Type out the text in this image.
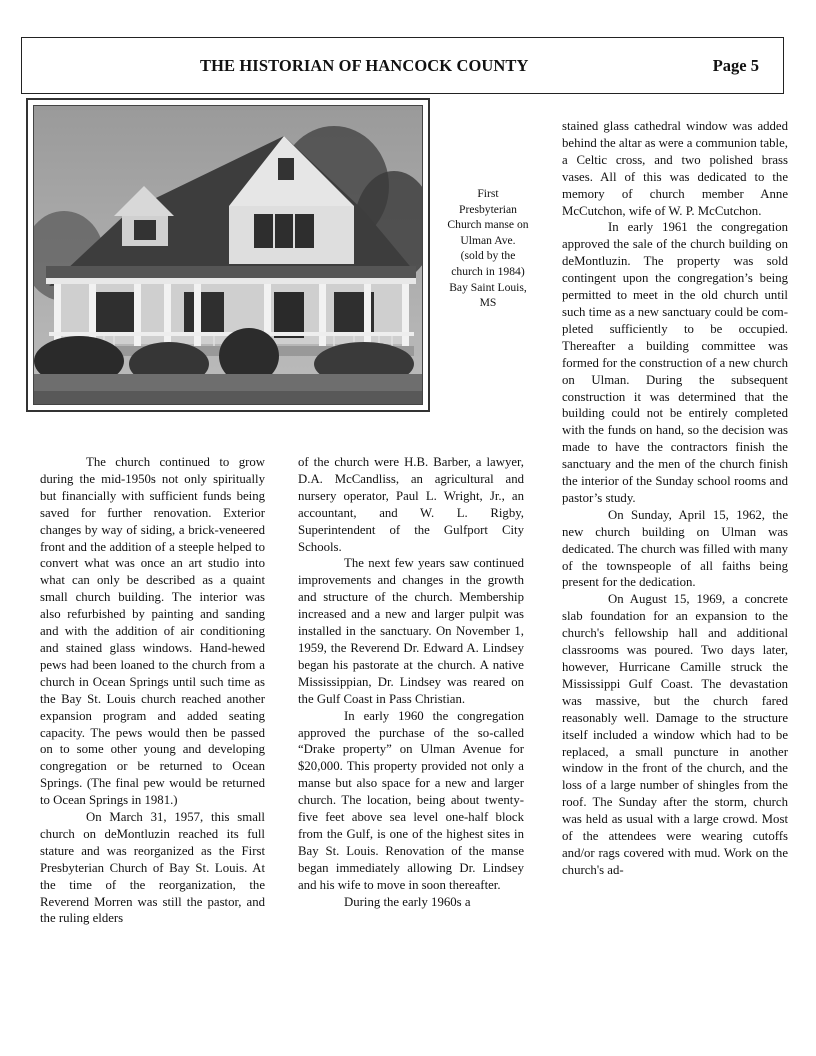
THE HISTORIAN OF HANCOCK COUNTY	Page 5
First
Presbyterian
Church manse on
Ulman Ave.
(sold by the
church in 1984)
Bay Saint Louis,
MS

The church continued to grow during the mid-1950s not only spiritually but financially with sufficient funds being saved for further renovation. Exterior changes by way of siding, a brick-veneered front and the addition of a steeple helped to convert what was once an art studio into what can only be described as a quaint small church building. The interior was also refurbished by painting and sanding and with the addition of air conditioning and stained glass windows. Hand-hewed pews had been loaned to the church from a church in Ocean Springs until such time as the Bay St. Louis church reached another expansion program and added seating capacity. The pews would then be passed on to some other young and developing congregation or be returned to Ocean Springs. (The final pew would be returned to Ocean Springs in 1981.)

On March 31, 1957, this small church on deMontluzin reached its full stature and was reorganized as the First Presbyterian Church of Bay St. Louis. At the time of the reorganization, the Reverend Morren was still the pastor, and the ruling elders

of the church were H.B. Barber, a lawyer, D.A. McCandliss, an agricultural and nursery operator, Paul L. Wright, Jr., an accountant, and W. L. Rigby, Superintendent of the Gulfport City Schools.

The next few years saw continued improvements and changes in the growth and structure of the church. Membership increased and a new and larger pulpit was installed in the sanctuary. On November 1, 1959, the Reverend Dr. Edward A. Lindsey began his pastorate at the church. A native Mississippian, Dr. Lindsey was reared on the Gulf Coast in Pass Christian.

In early 1960 the congregation approved the purchase of the so-called “Drake property” on Ulman Avenue for $20,000. This property provided not only a manse but also space for a new and larger church. The location, being about twenty-five feet above sea level one-half block from the Gulf, is one of the highest sites in Bay St. Louis. Renovation of the manse began immediately allowing Dr. Lindsey and his wife to move in soon thereafter.

During the early 1960s a

stained glass cathedral window was added behind the altar as were a communion table, a Celtic cross, and two polished brass vases. All of this was dedicated to the memory of church member Anne McCutchon, wife of W. P. McCutchon.

In early 1961 the congregation approved the sale of the church building on deMontluzin. The property was sold contingent upon the congregation’s being permitted to meet in the old church until such time as a new sanctuary could be completed sufficiently to be occupied. Thereafter a building committee was formed for the construction of a new church on Ulman. During the subsequent construction it was determined that the building could not be entirely completed with the funds on hand, so the decision was made to have the contractors finish the sanctuary and the men of the church finish the interior of the Sunday school rooms and pastor’s study.

On Sunday, April 15, 1962, the new church building on Ulman was dedicated. The church was filled with many of the townspeople of all faiths being present for the dedication.

On August 15, 1969, a concrete slab foundation for an expansion to the church's fellowship hall and additional classrooms was poured. Two days later, however, Hurricane Camille struck the Mississippi Gulf Coast. The devastation was massive, but the church fared reasonably well. Damage to the structure itself included a window which had to be replaced, a small puncture in another window in the front of the church, and the loss of a large number of shingles from the roof. The Sunday after the storm, church was held as usual with a large crowd. Most of the attendees were wearing cutoffs and/or rags covered with mud. Work on the church's ad-
